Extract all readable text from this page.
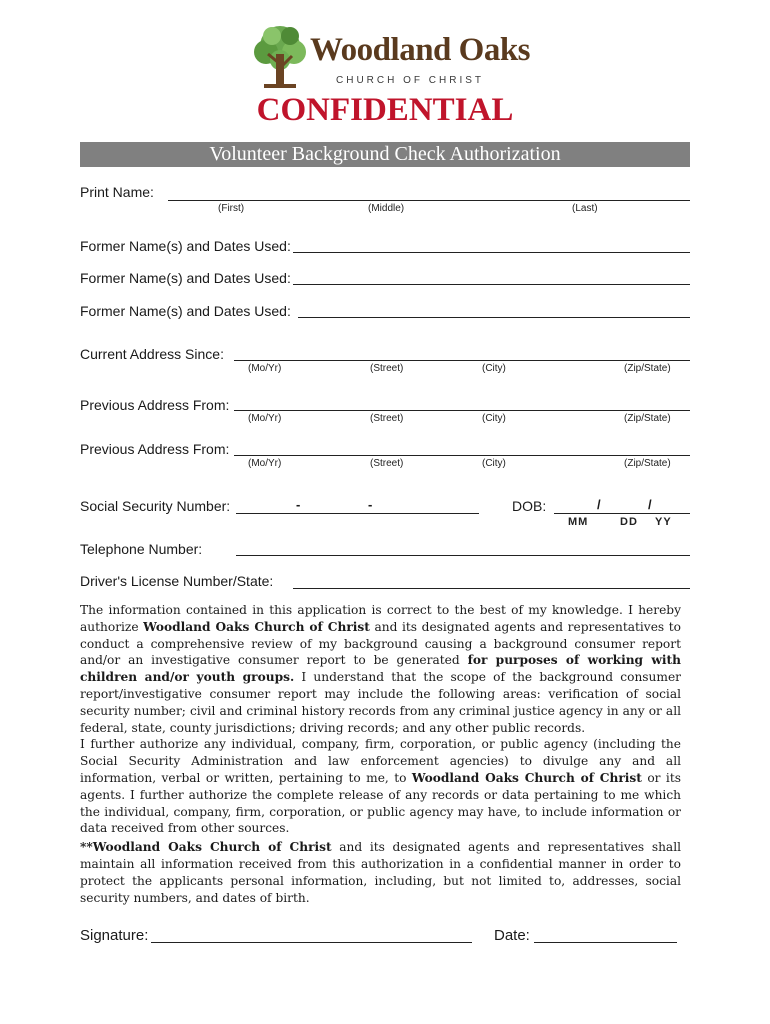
Woodland Oaks
CHURCH OF CHRIST
CONFIDENTIAL
Volunteer Background Check Authorization
Print Name:
(First)	(Middle)	(Last)
Former Name(s) and Dates Used:
Former Name(s) and Dates Used:
Former Name(s) and Dates Used:
Current Address Since:
(Mo/Yr)	(Street)	(City)	(Zip/State)
Previous Address From:
(Mo/Yr)	(Street)	(City)	(Zip/State)
Previous Address From:
(Mo/Yr)	(Street)	(City)	(Zip/State)
Social Security Number:	-	-	DOB:	/	/
MM	DD YY
Telephone Number:
Driver's License Number/State:

The information contained in this application is correct to the best of my knowledge. I hereby authorize Woodland Oaks Church of Christ and its designated agents and representatives to conduct a comprehensive review of my background causing a background consumer report and/or an investigative consumer report to be generated for purposes of working with children and/or youth groups. I understand that the scope of the background consumer report/investigative consumer report may include the following areas: verification of social security number; civil and criminal history records from any criminal justice agency in any or all federal, state, county jurisdictions; driving records; and any other public records.

I further authorize any individual, company, firm, corporation, or public agency (including the Social Security Administration and law enforcement agencies) to divulge any and all information, verbal or written, pertaining to me, to Woodland Oaks Church of Christ or its agents. I further authorize the complete release of any records or data pertaining to me which the individual, company, firm, corporation, or public agency may have, to include information or data received from other sources.

**Woodland Oaks Church of Christ and its designated agents and representatives shall maintain all information received from this authorization in a confidential manner in order to protect the applicants personal information, including, but not limited to, addresses, social security numbers, and dates of birth.

Signature:	Date:
